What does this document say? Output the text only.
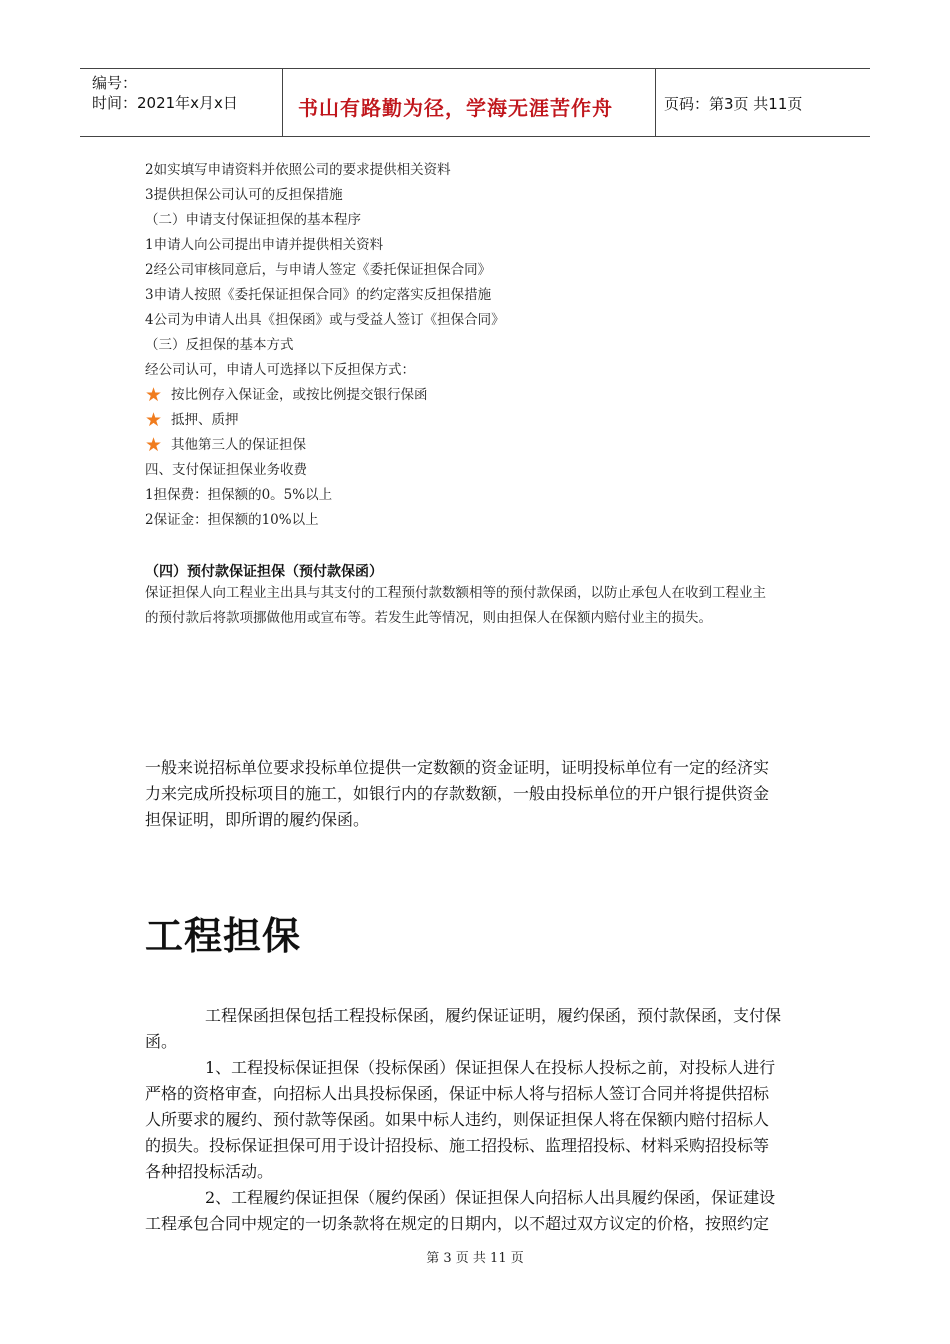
编号：
时间：2021年x月x日	书山有路勤为径，学海无涯苦作舟	页码：第3页 共11页
2如实填写申请资料并依照公司的要求提供相关资料
3提供担保公司认可的反担保措施
（二）申请支付保证担保的基本程序
1申请人向公司提出申请并提供相关资料
2经公司审核同意后，与申请人签定《委托保证担保合同》
3申请人按照《委托保证担保合同》的约定落实反担保措施
4公司为申请人出具《担保函》或与受益人签订《担保合同》
（三）反担保的基本方式
经公司认可，申请人可选择以下反担保方式：
★ 按比例存入保证金，或按比例提交银行保函
★ 抵押、质押
★ 其他第三人的保证担保
四、支付保证担保业务收费
1担保费：担保额的0。5%以上
2保证金：担保额的10%以上
（四）预付款保证担保（预付款保函）
保证担保人向工程业主出具与其支付的工程预付款数额相等的预付款保函，以防止承包人在收到工程业主
的预付款后将款项挪做他用或宣布等。若发生此等情况，则由担保人在保额内赔付业主的损失。
一般来说招标单位要求投标单位提供一定数额的资金证明，证明投标单位有一定的经济实
力来完成所投标项目的施工，如银行内的存款数额，一般由投标单位的开户银行提供资金
担保证明，即所谓的履约保函。
工程担保
工程保函担保包括工程投标保函，履约保证证明，履约保函，预付款保函，支付保
函。
1、工程投标保证担保（投标保函）保证担保人在投标人投标之前，对投标人进行
严格的资格审查，向招标人出具投标保函，保证中标人将与招标人签订合同并将提供招标
人所要求的履约、预付款等保函。如果中标人违约，则保证担保人将在保额内赔付招标人
的损失。投标保证担保可用于设计招投标、施工招投标、监理招投标、材料采购招投标等
各种招投标活动。
2、工程履约保证担保（履约保函）保证担保人向招标人出具履约保函，保证建设
工程承包合同中规定的一切条款将在规定的日期内，以不超过双方议定的价格，按照约定
第 3 页 共 11 页
